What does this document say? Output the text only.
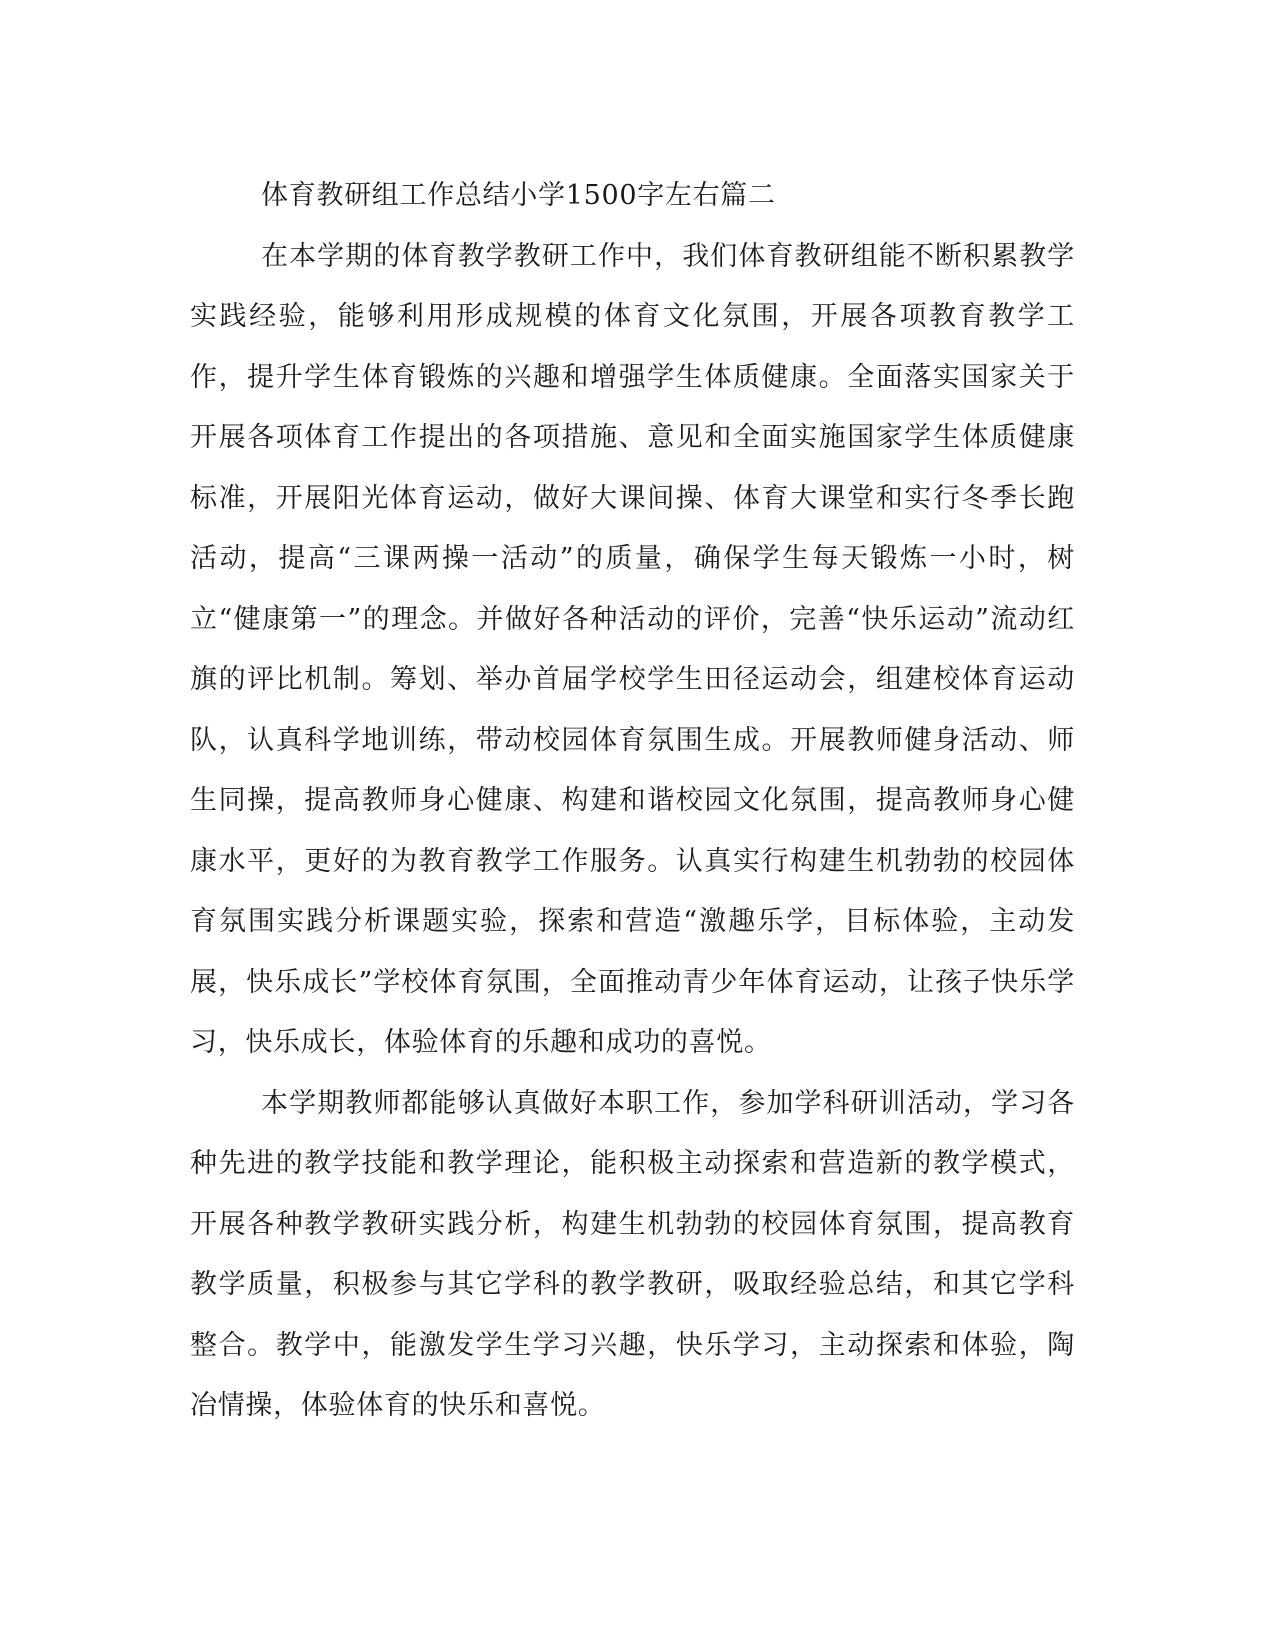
体育教研组工作总结小学1500字左右篇二

在本学期的体育教学教研工作中，我们体育教研组能不断积累教学实践经验，能够利用形成规模的体育文化氛围，开展各项教育教学工作，提升学生体育锻炼的兴趣和增强学生体质健康。全面落实国家关于开展各项体育工作提出的各项措施、意见和全面实施国家学生体质健康标准，开展阳光体育运动，做好大课间操、体育大课堂和实行冬季长跑活动，提高“三课两操一活动”的质量，确保学生每天锻炼一小时，树立“健康第一”的理念。并做好各种活动的评价，完善“快乐运动”流动红旗的评比机制。筹划、举办首届学校学生田径运动会，组建校体育运动队，认真科学地训练，带动校园体育氛围生成。开展教师健身活动、师生同操，提高教师身心健康、构建和谐校园文化氛围，提高教师身心健康水平，更好的为教育教学工作服务。认真实行构建生机勃勃的校园体育氛围实践分析课题实验，探索和营造“激趣乐学，目标体验，主动发展，快乐成长”学校体育氛围，全面推动青少年体育运动，让孩子快乐学习，快乐成长，体验体育的乐趣和成功的喜悦。

本学期教师都能够认真做好本职工作，参加学科研训活动，学习各种先进的教学技能和教学理论，能积极主动探索和营造新的教学模式，开展各种教学教研实践分析，构建生机勃勃的校园体育氛围，提高教育教学质量，积极参与其它学科的教学教研，吸取经验总结，和其它学科整合。教学中，能激发学生学习兴趣，快乐学习，主动探索和体验，陶冶情操，体验体育的快乐和喜悦。
